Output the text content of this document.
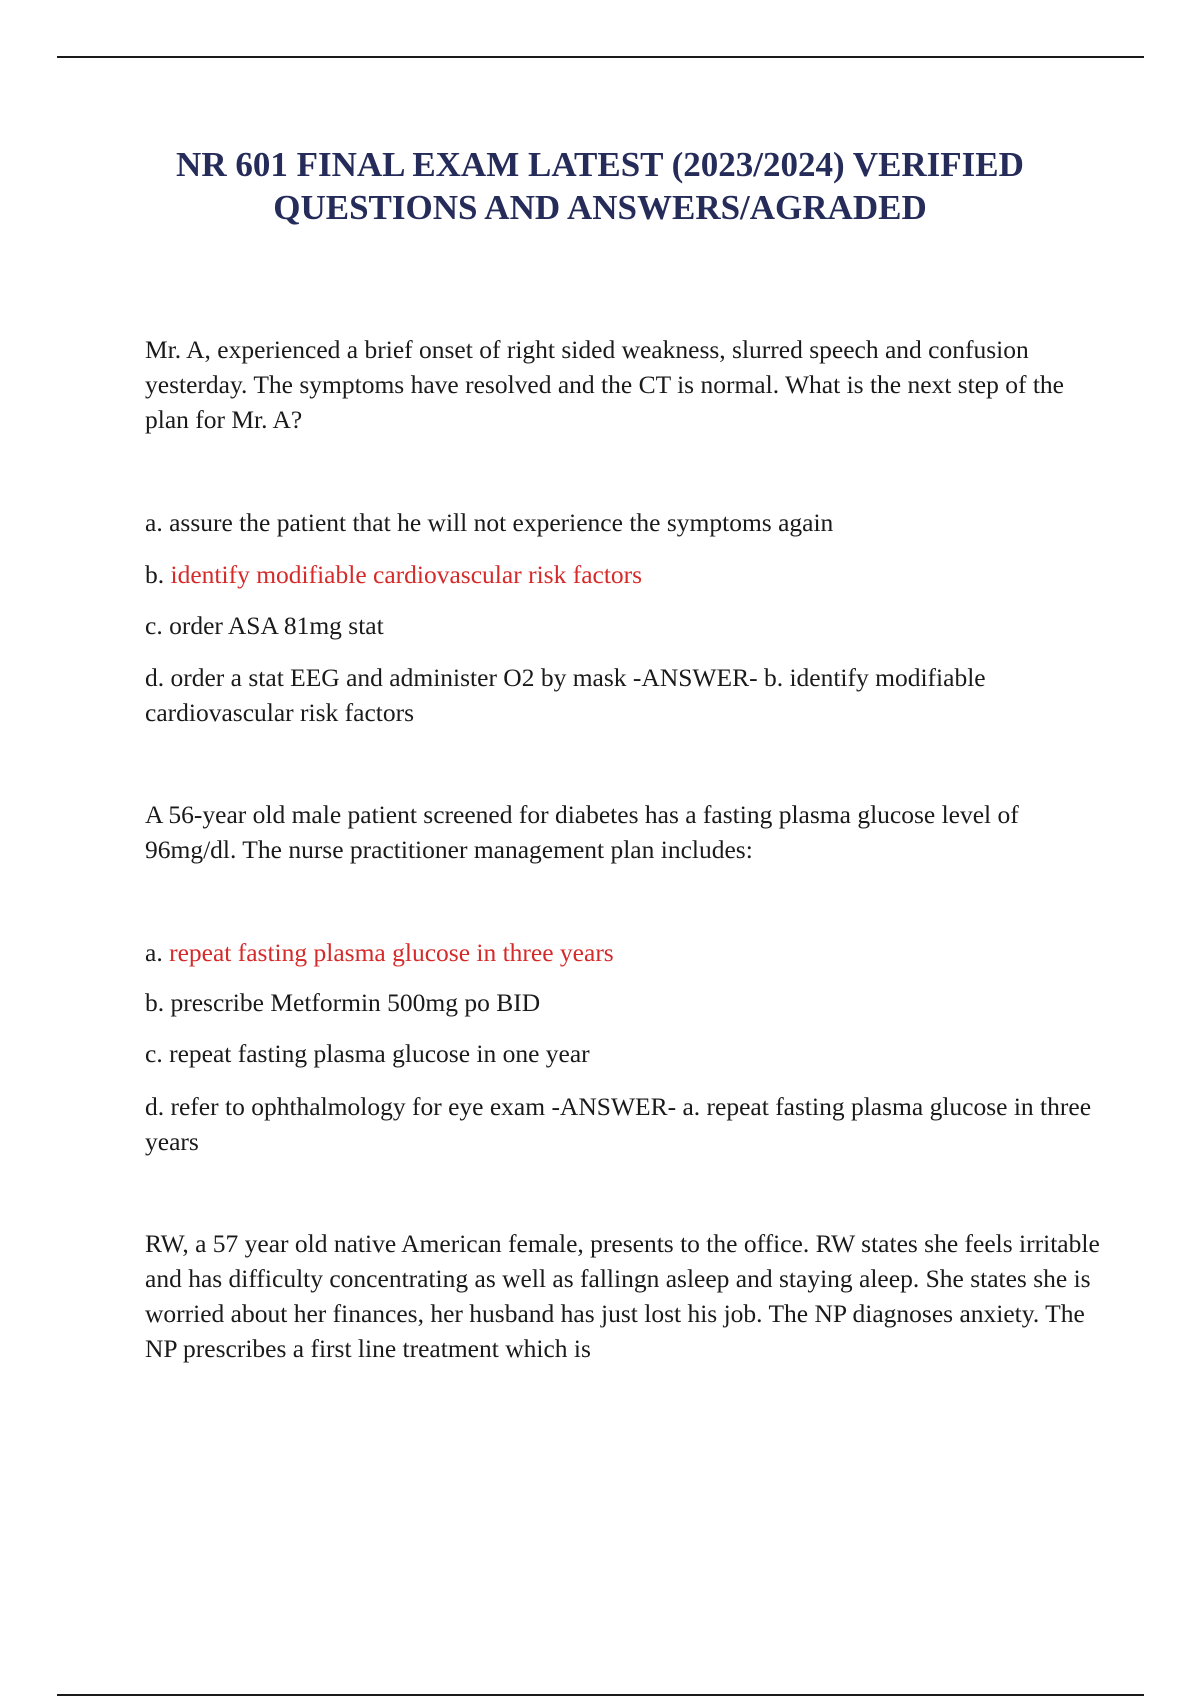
NR 601 FINAL EXAM LATEST (2023/2024) VERIFIED
QUESTIONS AND ANSWERS/AGRADED

Mr. A, experienced a brief onset of right sided weakness, slurred speech and confusion yesterday. The symptoms have resolved and the CT is normal. What is the next step of the plan for Mr. A?

a. assure the patient that he will not experience the symptoms again

b. identify modifiable cardiovascular risk factors

c. order ASA 81mg stat

d. order a stat EEG and administer O2 by mask -ANSWER- b. identify modifiable cardiovascular risk factors

A 56-year old male patient screened for diabetes has a fasting plasma glucose level of 96mg/dl. The nurse practitioner management plan includes:

a. repeat fasting plasma glucose in three years

b. prescribe Metformin 500mg po BID

c. repeat fasting plasma glucose in one year

d. refer to ophthalmology for eye exam -ANSWER- a. repeat fasting plasma glucose in three years

RW, a 57 year old native American female, presents to the office. RW states she feels irritable and has difficulty concentrating as well as fallingn asleep and staying aleep. She states she is worried about her finances, her husband has just lost his job. The NP diagnoses anxiety. The NP prescribes a first line treatment which is
